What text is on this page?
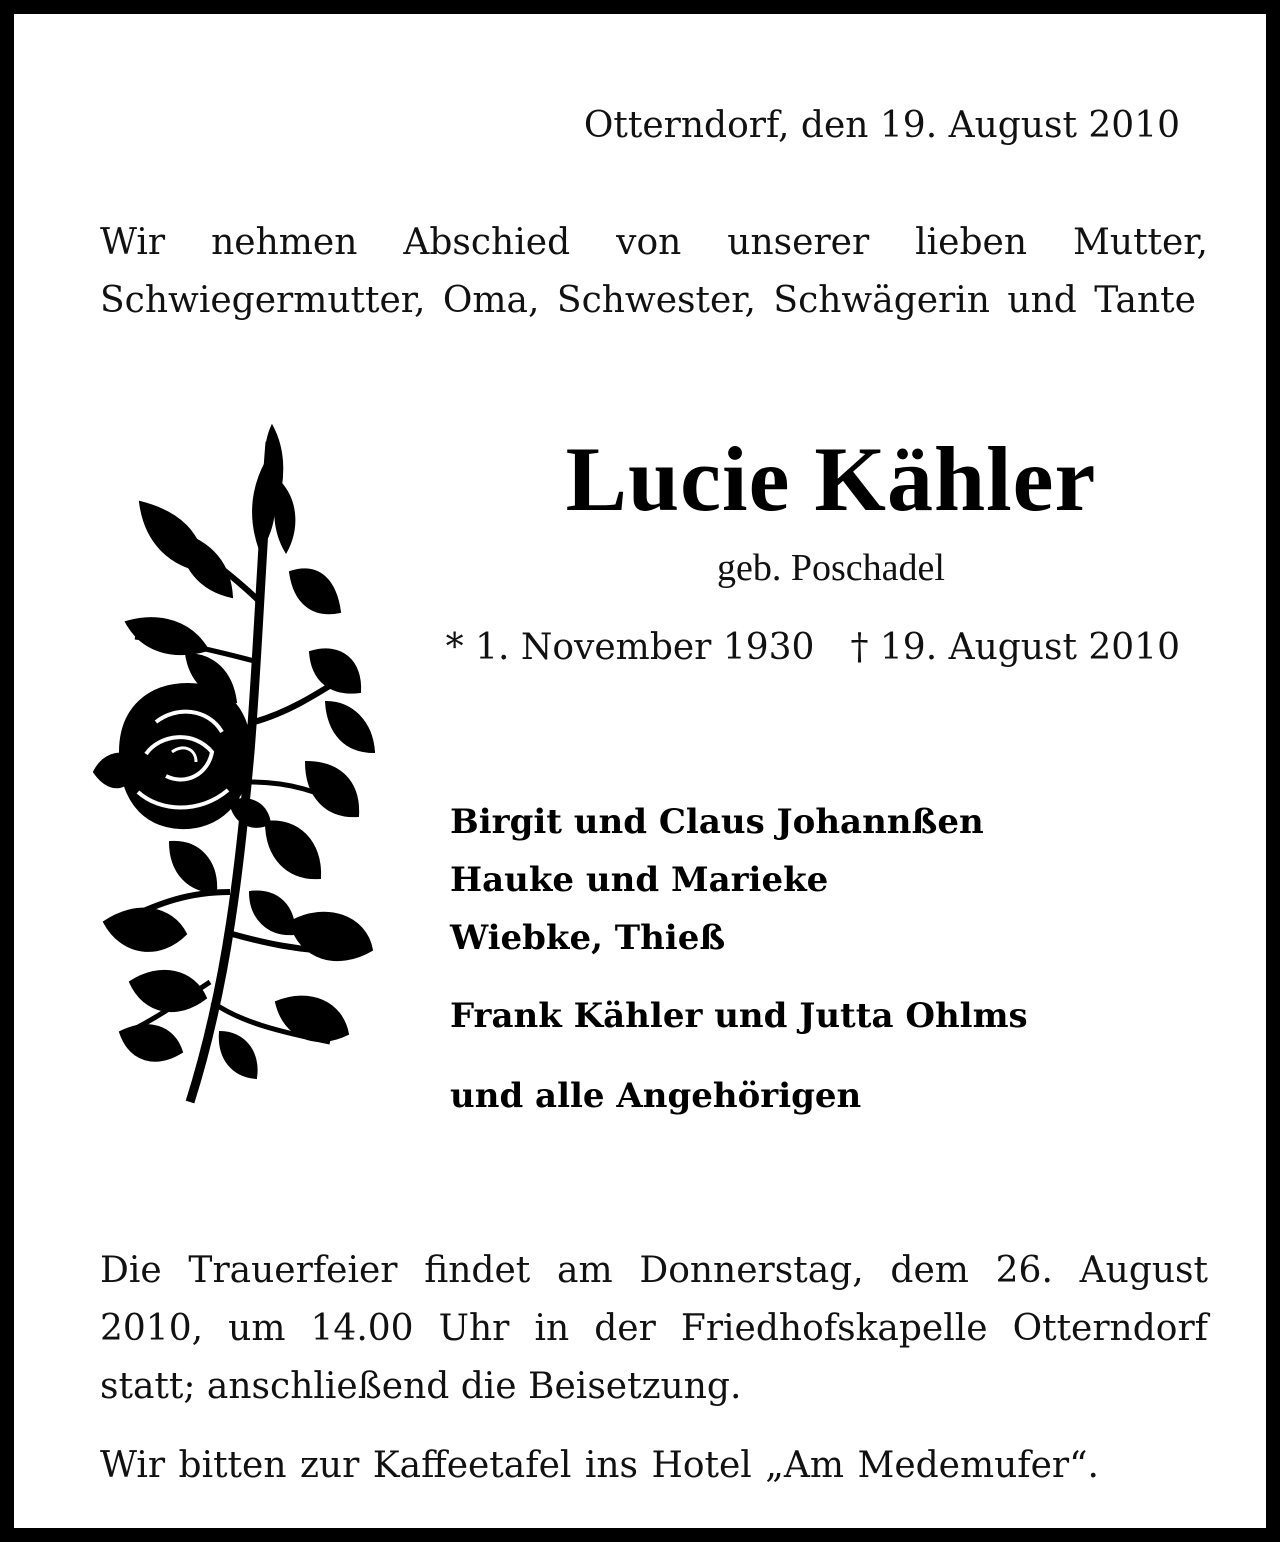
Otterndorf, den 19. August 2010
Wir nehmen Abschied von unserer lieben Mutter, Schwiegermutter, Oma, Schwester, Schwägerin und Tante
Lucie Kähler
geb. Poschadel
* 1. November 1930 † 19. August 2010
Birgit und Claus Johannßen
Hauke und Marieke
Wiebke, Thieß
Frank Kähler und Jutta Ohlms
und alle Angehörigen
Die Trauerfeier findet am Donnerstag, dem 26. August 2010, um 14.00 Uhr in der Friedhofskapelle Otterndorf statt; anschließend die Beisetzung.
Wir bitten zur Kaffeetafel ins Hotel „Am Medemufer“.
